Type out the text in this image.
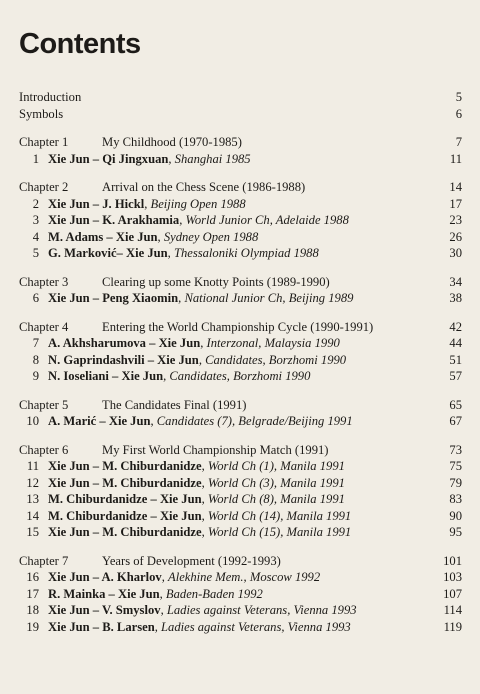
Contents
Introduction	5
Symbols	6
Chapter 1	My Childhood (1970-1985)	7
1 Xie Jun – Qi Jingxuan, Shanghai 1985	11
Chapter 2	Arrival on the Chess Scene (1986-1988)	14
2 Xie Jun – J. Hickl, Beijing Open 1988	17
3 Xie Jun – K. Arakhamia, World Junior Ch, Adelaide 1988	23
4 M. Adams – Xie Jun, Sydney Open 1988	26
5 G. Marković– Xie Jun, Thessaloniki Olympiad 1988	30
Chapter 3	Clearing up some Knotty Points (1989-1990)	34
6 Xie Jun – Peng Xiaomin, National Junior Ch, Beijing 1989	38
Chapter 4	Entering the World Championship Cycle (1990-1991)	42
7 A. Akhsharumova – Xie Jun, Interzonal, Malaysia 1990	44
8 N. Gaprindashvili – Xie Jun, Candidates, Borzhomi 1990	51
9 N. Ioseliani – Xie Jun, Candidates, Borzhomi 1990	57
Chapter 5	The Candidates Final (1991)	65
10 A. Marić – Xie Jun, Candidates (7), Belgrade/Beijing 1991	67
Chapter 6	My First World Championship Match (1991)	73
11 Xie Jun – M. Chiburdanidze, World Ch (1), Manila 1991	75
12 Xie Jun – M. Chiburdanidze, World Ch (3), Manila 1991	79
13 M. Chiburdanidze – Xie Jun, World Ch (8), Manila 1991	83
14 M. Chiburdanidze – Xie Jun, World Ch (14), Manila 1991	90
15 Xie Jun – M. Chiburdanidze, World Ch (15), Manila 1991	95
Chapter 7	Years of Development (1992-1993)	101
16 Xie Jun – A. Kharlov, Alekhine Mem., Moscow 1992	103
17 R. Mainka – Xie Jun, Baden-Baden 1992	107
18 Xie Jun – V. Smyslov, Ladies against Veterans, Vienna 1993	114
19 Xie Jun – B. Larsen, Ladies against Veterans, Vienna 1993	119
